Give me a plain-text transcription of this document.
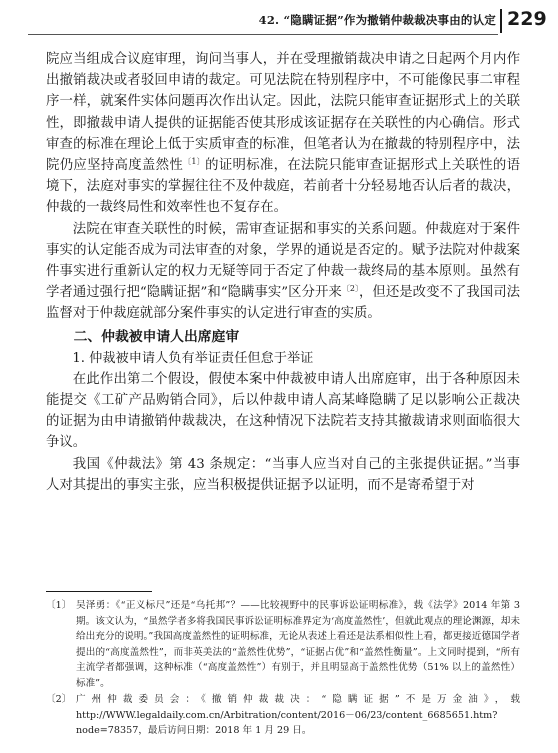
42. “隐瞒证据”作为撤销仲裁裁决事由的认定 229

院应当组成合议庭审理，询问当事人，并在受理撤销裁决申请之日起两个月内作出撤销裁决或者驳回申请的裁定。可见法院在特别程序中，不可能像民事二审程序一样，就案件实体问题再次作出认定。因此，法院只能审查证据形式上的关联性，即撤裁申请人提供的证据能否使其形成该证据存在关联性的内心确信。形式审查的标准在理论上低于实质审查的标准，但笔者认为在撤裁的特别程序中，法院仍应坚持高度盖然性$^{〔1〕}$的证明标准，在法院只能审查证据形式上关联性的语境下，法庭对事实的掌握往往不及仲裁庭，若前者十分轻易地否认后者的裁决，仲裁的一裁终局性和效率性也不复存在。

法院在审查关联性的时候，需审查证据和事实的关系问题。仲裁庭对于案件事实的认定能否成为司法审查的对象，学界的通说是否定的。赋予法院对仲裁案件事实进行重新认定的权力无疑等同于否定了仲裁一裁终局的基本原则。虽然有学者通过强行把“隐瞒证据”和“隐瞒事实”区分开来$^{〔2〕}$，但还是改变不了我国司法监督对于仲裁庭就部分案件事实的认定进行审查的实质。

二、仲裁被申请人出席庭审
1. 仲裁被申请人负有举证责任但怠于举证

在此作出第二个假设，假使本案中仲裁被申请人出席庭审，出于各种原因未能提交《工矿产品购销合同》，后以仲裁申请人高某峰隐瞒了足以影响公正裁决的证据为由申请撤销仲裁裁决，在这种情况下法院若支持其撤裁请求则面临很大争议。

我国《仲裁法》第 43 条规定：“当事人应当对自己的主张提供证据。”当事人对其提出的事实主张，应当积极提供证据予以证明，而不是寄希望于对

〔1〕 吴泽勇：《“正义标尺”还是“乌托邦”？——比较视野中的民事诉讼证明标准》，载《法学》2014 年第 3 期。该文认为，“虽然学者多将我国民事诉讼证明标准界定为‘高度盖然性’，但就此观点的理论渊源，却未给出充分的说明。”我国高度盖然性的证明标准，无论从表述上看还是法系相似性上看，都更接近德国学者提出的“高度盖然性”，而非英美法的“盖然性优势”，“证据占优”和“盖然性衡量”。上文同时提到，“所有主流学者都强调，这种标准（“高度盖然性”）有别于，并且明显高于盖然性优势（51% 以上的盖然性）标准”。
〔2〕 广州仲裁委员会：《撤销仲裁裁决：“隐瞒证据”不是万金油》，载 http://WWW.legaldaily.com.cn/Arbitration/content/2016－06/23/content_6685651.htm?node=78357，最后访问日期：2018 年 1 月 29 日。
